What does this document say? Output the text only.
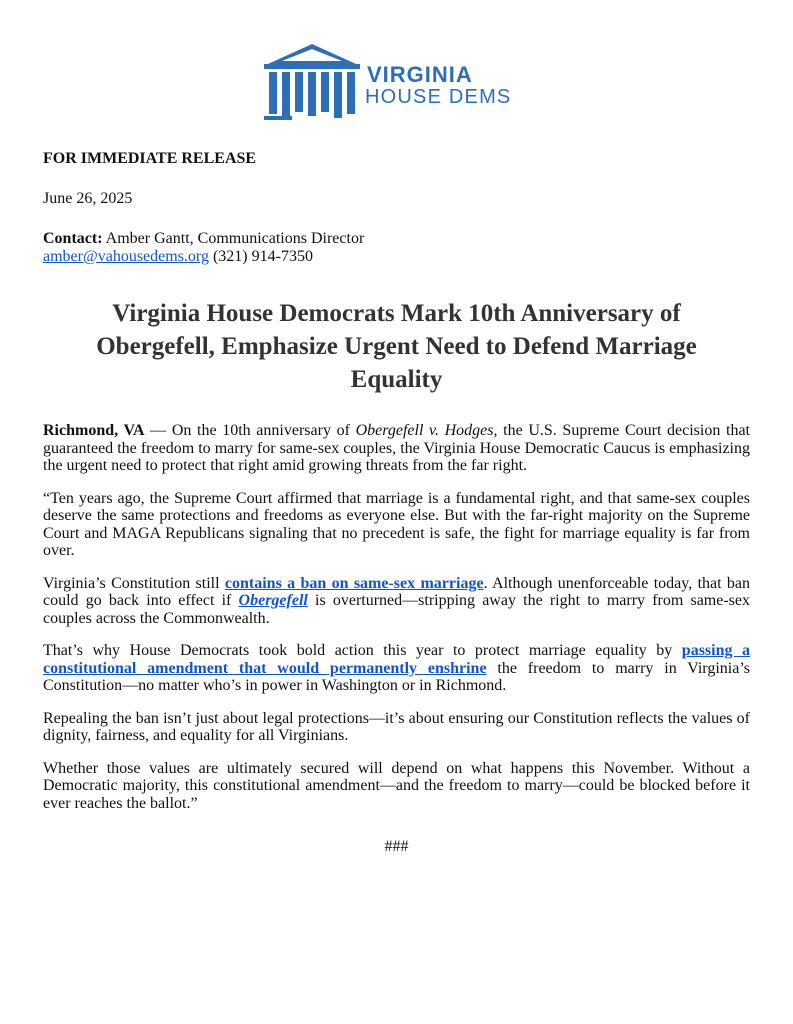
VIRGINIA
HOUSE DEMS

FOR IMMEDIATE RELEASE

June 26, 2025

Contact: Amber Gantt, Communications Director
amber@vahousedems.org (321) 914-7350

Virginia House Democrats Mark 10th Anniversary of Obergefell, Emphasize Urgent Need to Defend Marriage Equality

Richmond, VA — On the 10th anniversary of Obergefell v. Hodges, the U.S. Supreme Court decision that guaranteed the freedom to marry for same-sex couples, the Virginia House Democratic Caucus is emphasizing the urgent need to protect that right amid growing threats from the far right.

“Ten years ago, the Supreme Court affirmed that marriage is a fundamental right, and that same-sex couples deserve the same protections and freedoms as everyone else. But with the far-right majority on the Supreme Court and MAGA Republicans signaling that no precedent is safe, the fight for marriage equality is far from over.

Virginia’s Constitution still contains a ban on same-sex marriage. Although unenforceable today, that ban could go back into effect if Obergefell is overturned—stripping away the right to marry from same-sex couples across the Commonwealth.

That’s why House Democrats took bold action this year to protect marriage equality by passing a constitutional amendment that would permanently enshrine the freedom to marry in Virginia’s Constitution—no matter who’s in power in Washington or in Richmond.

Repealing the ban isn’t just about legal protections—it’s about ensuring our Constitution reflects the values of dignity, fairness, and equality for all Virginians.

Whether those values are ultimately secured will depend on what happens this November. Without a Democratic majority, this constitutional amendment—and the freedom to marry—could be blocked before it ever reaches the ballot.”

###
